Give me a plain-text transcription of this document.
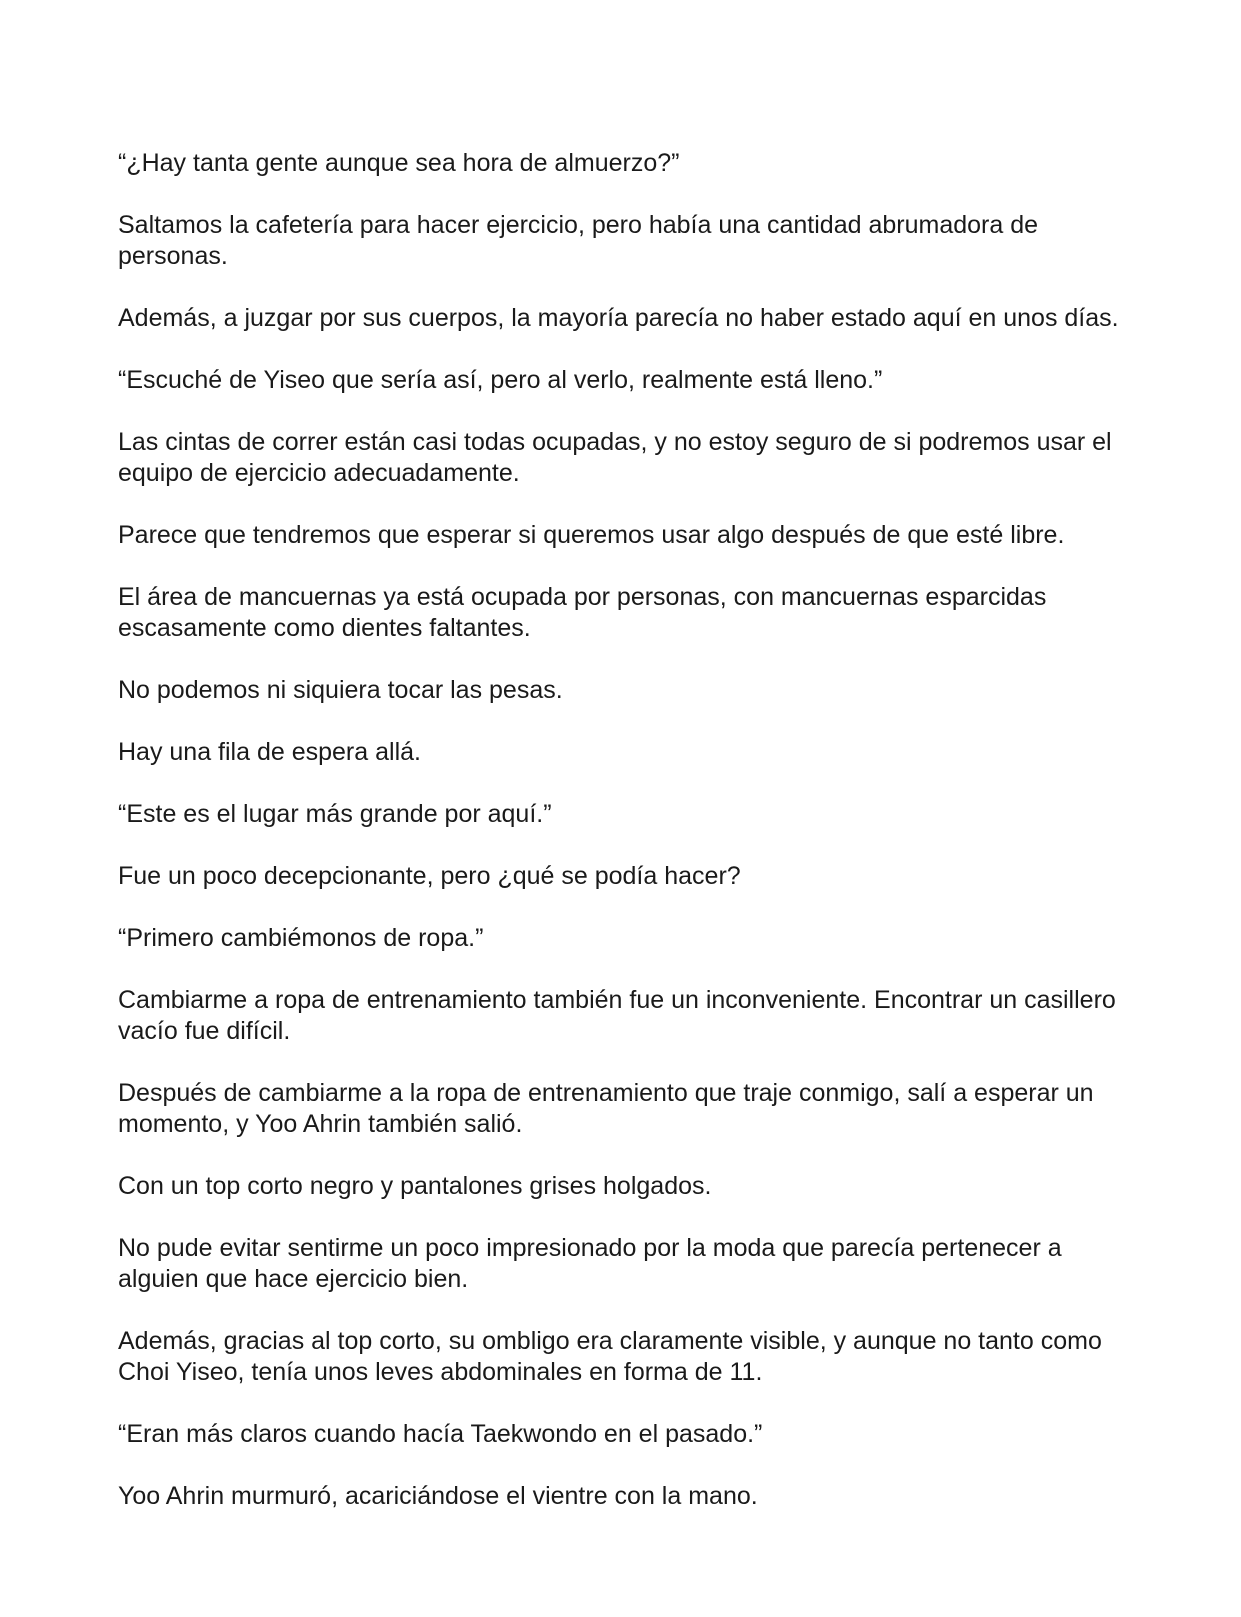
“¿Hay tanta gente aunque sea hora de almuerzo?”

Saltamos la cafetería para hacer ejercicio, pero había una cantidad abrumadora de personas.

Además, a juzgar por sus cuerpos, la mayoría parecía no haber estado aquí en unos días.

“Escuché de Yiseo que sería así, pero al verlo, realmente está lleno.”

Las cintas de correr están casi todas ocupadas, y no estoy seguro de si podremos usar el equipo de ejercicio adecuadamente.

Parece que tendremos que esperar si queremos usar algo después de que esté libre.

El área de mancuernas ya está ocupada por personas, con mancuernas esparcidas escasamente como dientes faltantes.

No podemos ni siquiera tocar las pesas.

Hay una fila de espera allá.

“Este es el lugar más grande por aquí.”

Fue un poco decepcionante, pero ¿qué se podía hacer?

“Primero cambiémonos de ropa.”

Cambiarme a ropa de entrenamiento también fue un inconveniente. Encontrar un casillero vacío fue difícil.

Después de cambiarme a la ropa de entrenamiento que traje conmigo, salí a esperar un momento, y Yoo Ahrin también salió.

Con un top corto negro y pantalones grises holgados.

No pude evitar sentirme un poco impresionado por la moda que parecía pertenecer a alguien que hace ejercicio bien.

Además, gracias al top corto, su ombligo era claramente visible, y aunque no tanto como Choi Yiseo, tenía unos leves abdominales en forma de 11.

“Eran más claros cuando hacía Taekwondo en el pasado.”

Yoo Ahrin murmuró, acariciándose el vientre con la mano.
